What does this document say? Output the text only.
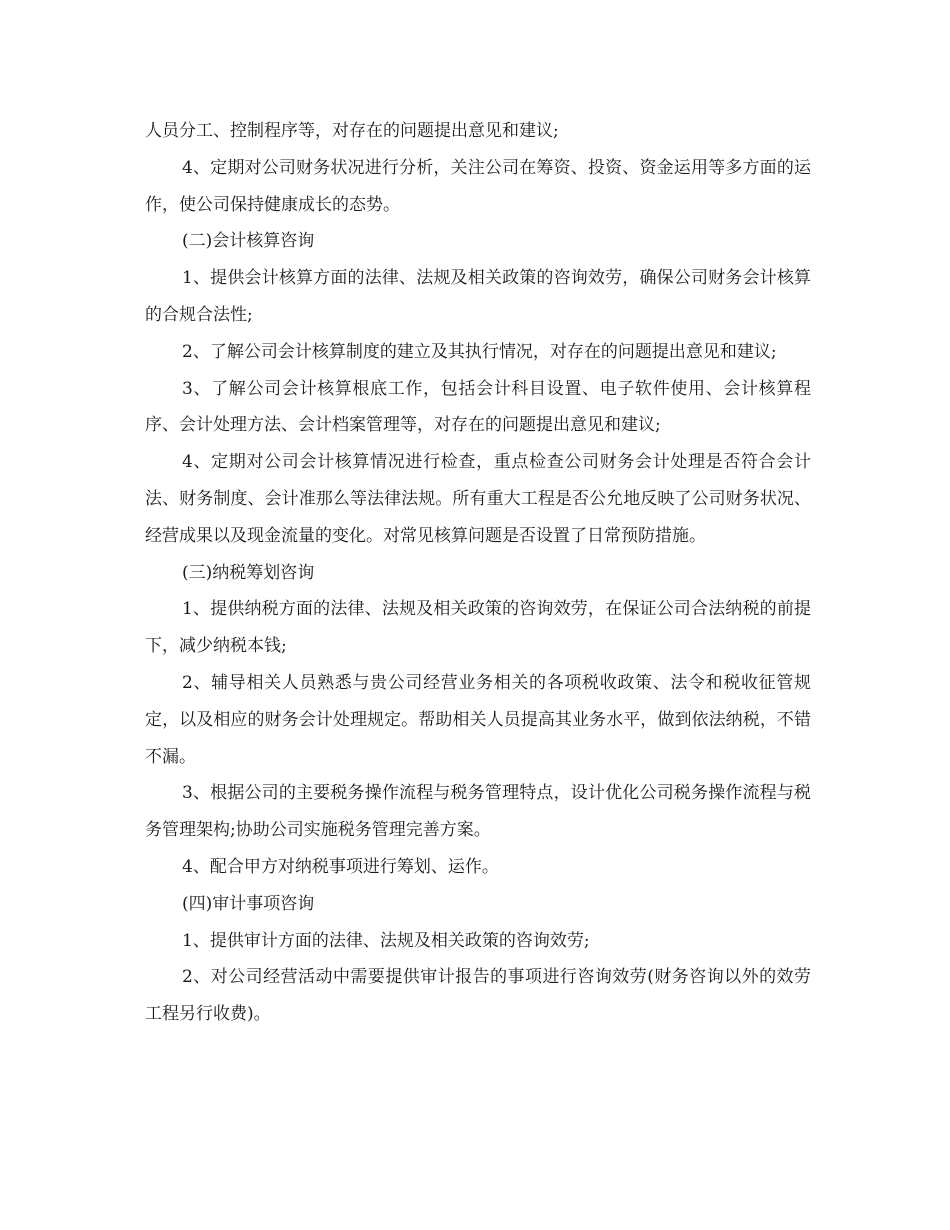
人员分工、控制程序等，对存在的问题提出意见和建议;

4、定期对公司财务状况进行分析，关注公司在筹资、投资、资金运用等多方面的运作，使公司保持健康成长的态势。

(二)会计核算咨询

1、提供会计核算方面的法律、法规及相关政策的咨询效劳，确保公司财务会计核算的合规合法性;

2、了解公司会计核算制度的建立及其执行情况，对存在的问题提出意见和建议;

3、了解公司会计核算根底工作，包括会计科目设置、电子软件使用、会计核算程序、会计处理方法、会计档案管理等，对存在的问题提出意见和建议;

4、定期对公司会计核算情况进行检查，重点检查公司财务会计处理是否符合会计法、财务制度、会计准那么等法律法规。所有重大工程是否公允地反映了公司财务状况、经营成果以及现金流量的变化。对常见核算问题是否设置了日常预防措施。

(三)纳税筹划咨询

1、提供纳税方面的法律、法规及相关政策的咨询效劳，在保证公司合法纳税的前提下，减少纳税本钱;

2、辅导相关人员熟悉与贵公司经营业务相关的各项税收政策、法令和税收征管规定，以及相应的财务会计处理规定。帮助相关人员提高其业务水平，做到依法纳税，不错不漏。

3、根据公司的主要税务操作流程与税务管理特点，设计优化公司税务操作流程与税务管理架构;协助公司实施税务管理完善方案。

4、配合甲方对纳税事项进行筹划、运作。

(四)审计事项咨询

1、提供审计方面的法律、法规及相关政策的咨询效劳;

2、对公司经营活动中需要提供审计报告的事项进行咨询效劳(财务咨询以外的效劳工程另行收费)。
